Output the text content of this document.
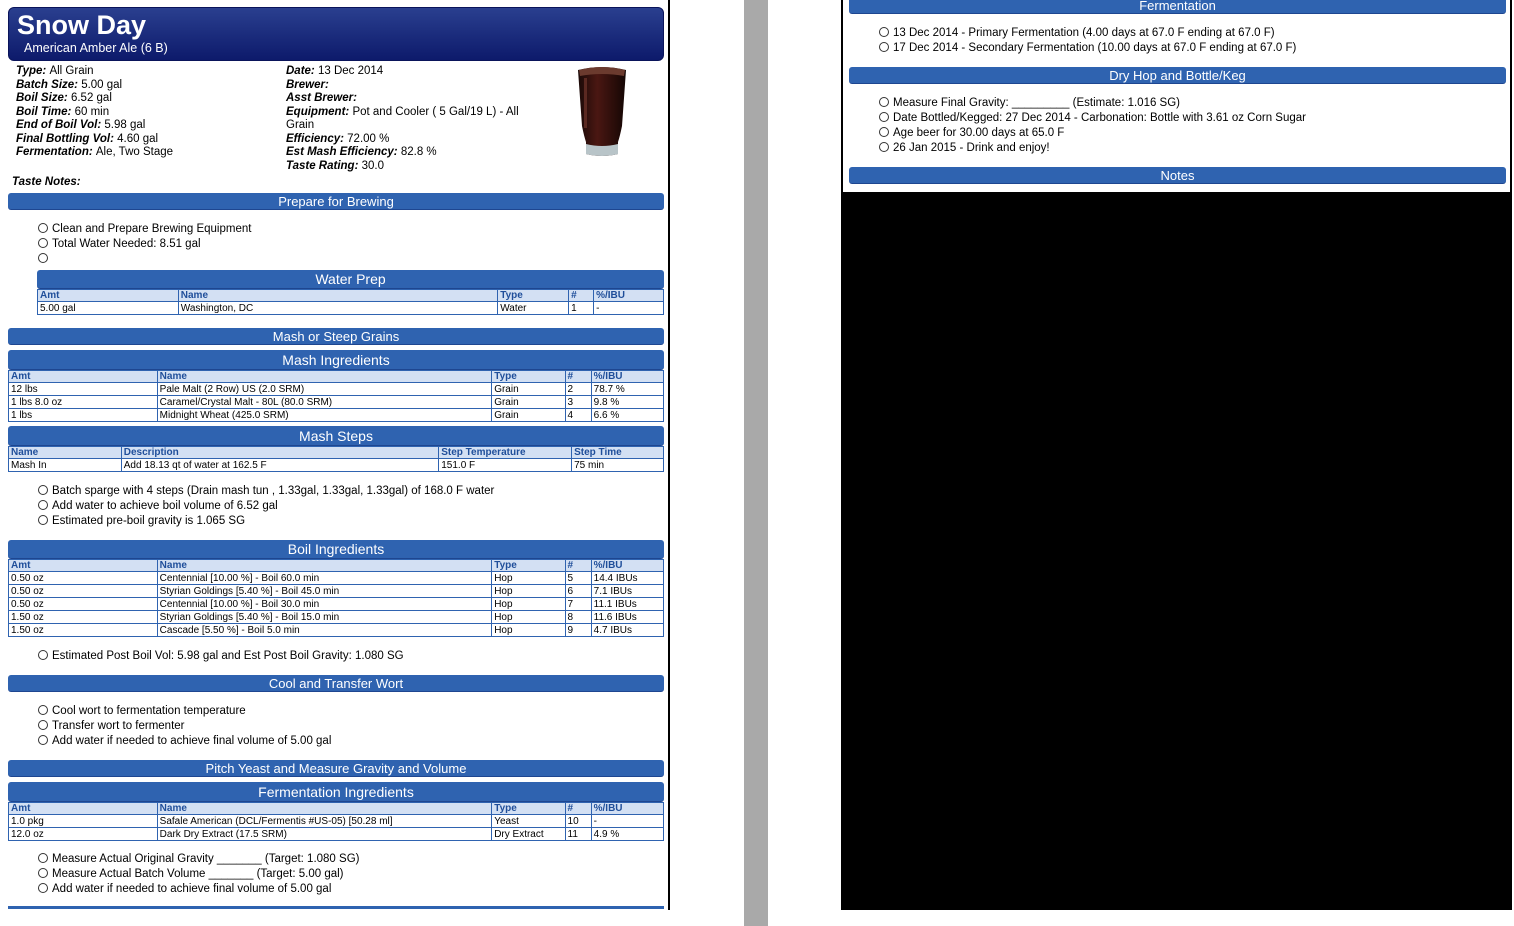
Snow Day
American Amber Ale (6 B)
Type: All Grain
Batch Size: 5.00 gal
Boil Size: 6.52 gal
Boil Time: 60 min
End of Boil Vol: 5.98 gal
Final Bottling Vol: 4.60 gal
Fermentation: Ale, Two Stage
Date: 13 Dec 2014
Brewer:
Asst Brewer:
Equipment: Pot and Cooler ( 5 Gal/19 L) - All
Grain
Efficiency: 72.00 %
Est Mash Efficiency: 82.8 %
Taste Rating: 30.0
Taste Notes:
Prepare for Brewing
Clean and Prepare Brewing Equipment
Total Water Needed: 8.51 gal
Water Prep
Amt	Name	Type	#	%/IBU
5.00 gal	Washington, DC	Water	1	-
Mash or Steep Grains
Mash Ingredients
Amt	Name	Type	#	%/IBU
12 lbs	Pale Malt (2 Row) US (2.0 SRM)	Grain	2	78.7 %
1 lbs 8.0 oz	Caramel/Crystal Malt - 80L (80.0 SRM)	Grain	3	9.8 %
1 lbs	Midnight Wheat (425.0 SRM)	Grain	4	6.6 %
Mash Steps
Name	Description	Step Temperature	Step Time
Mash In	Add 18.13 qt of water at 162.5 F	151.0 F	75 min
Batch sparge with 4 steps (Drain mash tun , 1.33gal, 1.33gal, 1.33gal) of 168.0 F water
Add water to achieve boil volume of 6.52 gal
Estimated pre-boil gravity is 1.065 SG
Boil Ingredients
Amt	Name	Type	#	%/IBU
0.50 oz	Centennial [10.00 %] - Boil 60.0 min	Hop	5	14.4 IBUs
0.50 oz	Styrian Goldings [5.40 %] - Boil 45.0 min	Hop	6	7.1 IBUs
0.50 oz	Centennial [10.00 %] - Boil 30.0 min	Hop	7	11.1 IBUs
1.50 oz	Styrian Goldings [5.40 %] - Boil 15.0 min	Hop	8	11.6 IBUs
1.50 oz	Cascade [5.50 %] - Boil 5.0 min	Hop	9	4.7 IBUs
Estimated Post Boil Vol: 5.98 gal and Est Post Boil Gravity: 1.080 SG
Cool and Transfer Wort
Cool wort to fermentation temperature
Transfer wort to fermenter
Add water if needed to achieve final volume of 5.00 gal
Pitch Yeast and Measure Gravity and Volume
Fermentation Ingredients
Amt	Name	Type	#	%/IBU
1.0 pkg	Safale American (DCL/Fermentis #US-05) [50.28 ml]	Yeast	10	-
12.0 oz	Dark Dry Extract (17.5 SRM)	Dry Extract	11	4.9 %
Measure Actual Original Gravity _______ (Target: 1.080 SG)
Measure Actual Batch Volume _______ (Target: 5.00 gal)
Add water if needed to achieve final volume of 5.00 gal
Fermentation
13 Dec 2014 - Primary Fermentation (4.00 days at 67.0 F ending at 67.0 F)
17 Dec 2014 - Secondary Fermentation (10.00 days at 67.0 F ending at 67.0 F)
Dry Hop and Bottle/Keg
Measure Final Gravity: _________ (Estimate: 1.016 SG)
Date Bottled/Kegged: 27 Dec 2014 - Carbonation: Bottle with 3.61 oz Corn Sugar
Age beer for 30.00 days at 65.0 F
26 Jan 2015 - Drink and enjoy!
Notes
